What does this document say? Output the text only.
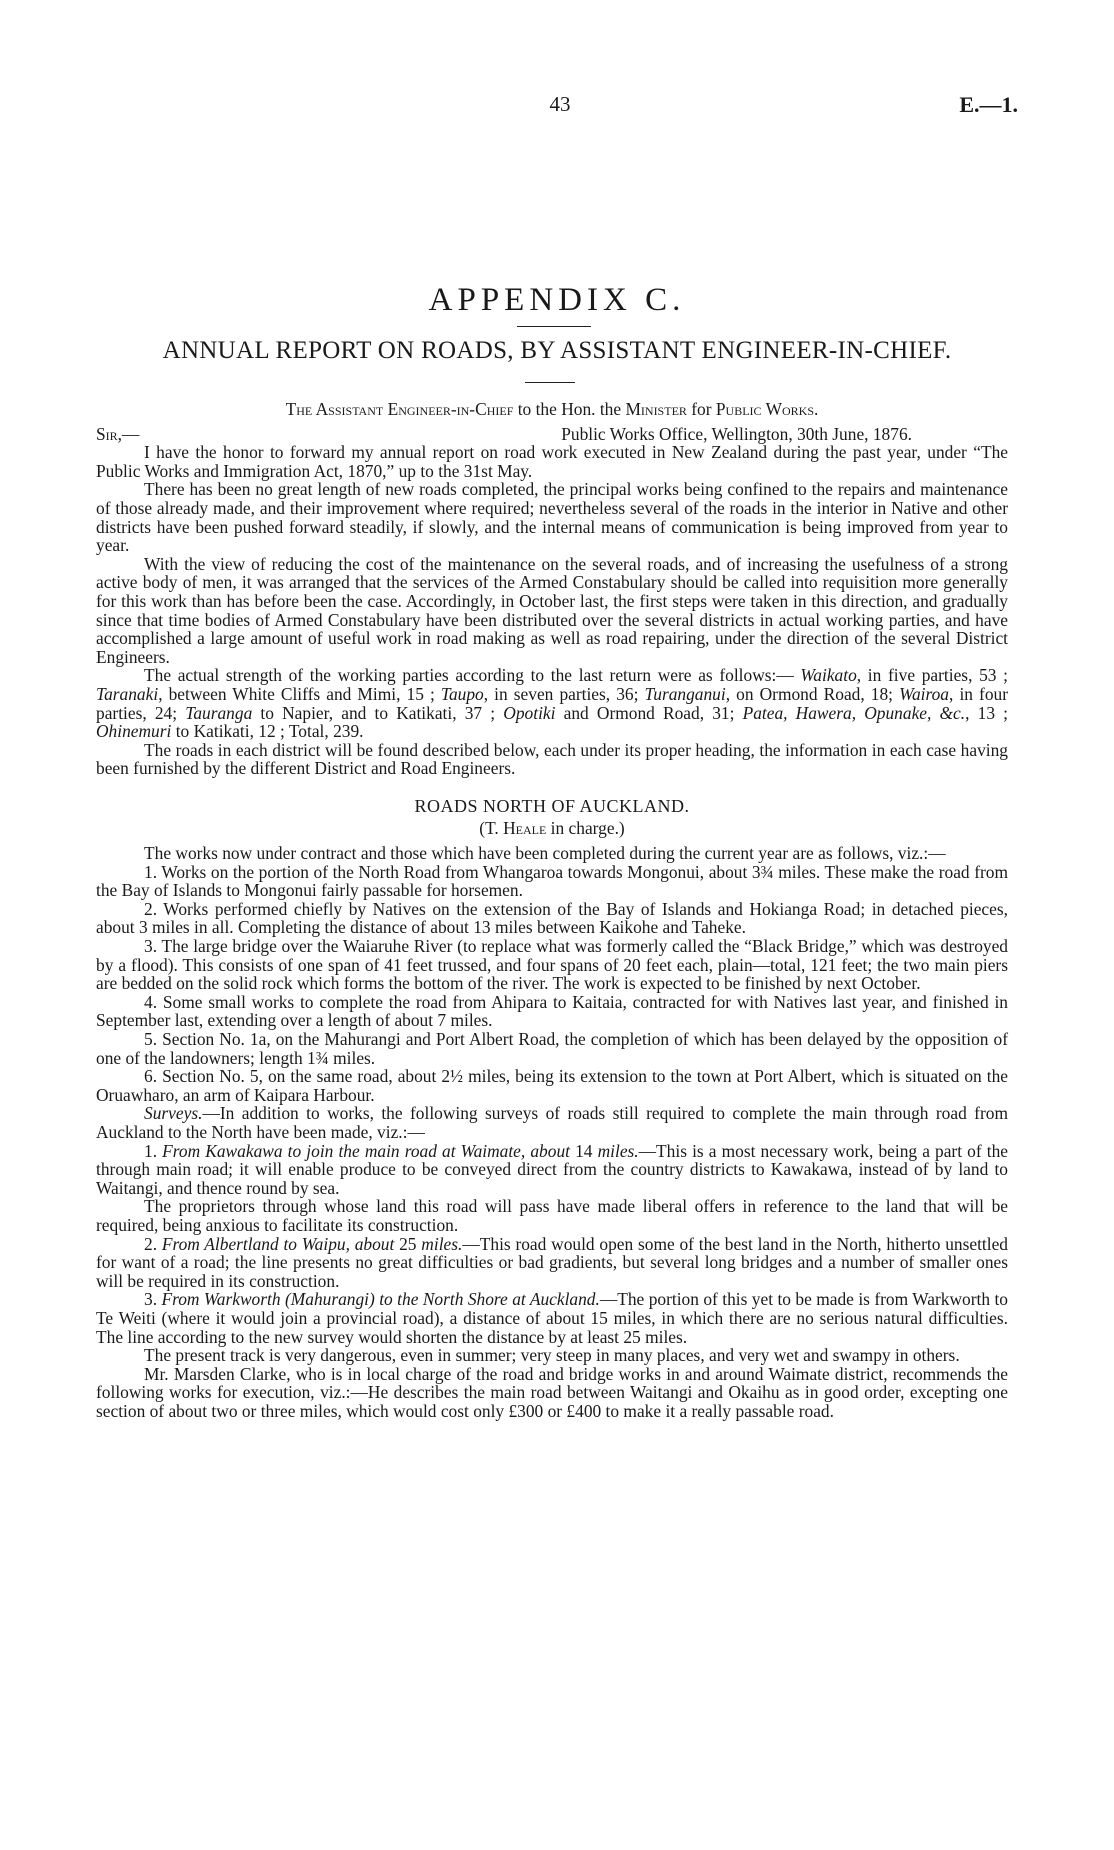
43	E.—1.
APPENDIX C.
ANNUAL REPORT ON ROADS, BY ASSISTANT ENGINEER-IN-CHIEF.

The Assistant Engineer-in-Chief to the Hon. the Minister for Public Works.

Sir,—	Public Works Office, Wellington, 30th June, 1876.

I have the honor to forward my annual report on road work executed in New Zealand during the past year, under “The Public Works and Immigration Act, 1870,” up to the 31st May.

There has been no great length of new roads completed, the principal works being confined to the repairs and maintenance of those already made, and their improvement where required; nevertheless several of the roads in the interior in Native and other districts have been pushed forward steadily, if slowly, and the internal means of communication is being improved from year to year.

With the view of reducing the cost of the maintenance on the several roads, and of increasing the usefulness of a strong active body of men, it was arranged that the services of the Armed Constabulary should be called into requisition more generally for this work than has before been the case. Accordingly, in October last, the first steps were taken in this direction, and gradually since that time bodies of Armed Constabulary have been distributed over the several districts in actual working parties, and have accomplished a large amount of useful work in road making as well as road repairing, under the direction of the several District Engineers.

The actual strength of the working parties according to the last return were as follows:— Waikato, in five parties, 53 ; Taranaki, between White Cliffs and Mimi, 15 ; Taupo, in seven parties, 36; Turanganui, on Ormond Road, 18; Wairoa, in four parties, 24; Tauranga to Napier, and to Katikati, 37 ; Opotiki and Ormond Road, 31; Patea, Hawera, Opunake, &c., 13 ; Ohinemuri to Katikati, 12 ; Total, 239.

The roads in each district will be found described below, each under its proper heading, the information in each case having been furnished by the different District and Road Engineers.

ROADS NORTH OF AUCKLAND.

(T. Heale in charge.)

The works now under contract and those which have been completed during the current year are as follows, viz.:—

1. Works on the portion of the North Road from Whangaroa towards Mongonui, about 3¾ miles. These make the road from the Bay of Islands to Mongonui fairly passable for horsemen.

2. Works performed chiefly by Natives on the extension of the Bay of Islands and Hokianga Road; in detached pieces, about 3 miles in all. Completing the distance of about 13 miles between Kaikohe and Taheke.

3. The large bridge over the Waiaruhe River (to replace what was formerly called the “Black Bridge,” which was destroyed by a flood). This consists of one span of 41 feet trussed, and four spans of 20 feet each, plain—total, 121 feet; the two main piers are bedded on the solid rock which forms the bottom of the river. The work is expected to be finished by next October.

4. Some small works to complete the road from Ahipara to Kaitaia, contracted for with Natives last year, and finished in September last, extending over a length of about 7 miles.

5. Section No. 1a, on the Mahurangi and Port Albert Road, the completion of which has been delayed by the opposition of one of the landowners; length 1¾ miles.

6. Section No. 5, on the same road, about 2½ miles, being its extension to the town at Port Albert, which is situated on the Oruawharo, an arm of Kaipara Harbour.

Surveys.—In addition to works, the following surveys of roads still required to complete the main through road from Auckland to the North have been made, viz.:—

1. From Kawakawa to join the main road at Waimate, about 14 miles.—This is a most necessary work, being a part of the through main road; it will enable produce to be conveyed direct from the country districts to Kawakawa, instead of by land to Waitangi, and thence round by sea.

The proprietors through whose land this road will pass have made liberal offers in reference to the land that will be required, being anxious to facilitate its construction.

2. From Albertland to Waipu, about 25 miles.—This road would open some of the best land in the North, hitherto unsettled for want of a road; the line presents no great difficulties or bad gradients, but several long bridges and a number of smaller ones will be required in its construction.

3. From Warkworth (Mahurangi) to the North Shore at Auckland.—The portion of this yet to be made is from Warkworth to Te Weiti (where it would join a provincial road), a distance of about 15 miles, in which there are no serious natural difficulties. The line according to the new survey would shorten the distance by at least 25 miles.

The present track is very dangerous, even in summer; very steep in many places, and very wet and swampy in others.

Mr. Marsden Clarke, who is in local charge of the road and bridge works in and around Waimate district, recommends the following works for execution, viz.:—He describes the main road between Waitangi and Okaihu as in good order, excepting one section of about two or three miles, which would cost only £300 or £400 to make it a really passable road.
